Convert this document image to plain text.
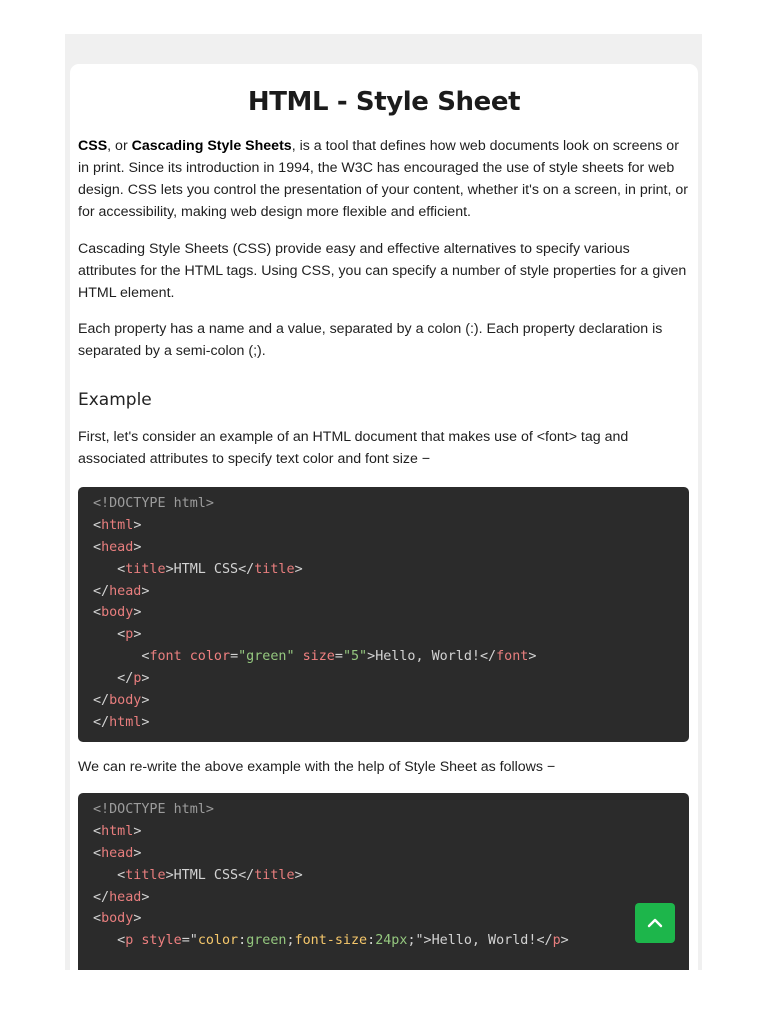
HTML - Style Sheet

CSS, or Cascading Style Sheets, is a tool that defines how web documents look on screens or in print. Since its introduction in 1994, the W3C has encouraged the use of style sheets for web design. CSS lets you control the presentation of your content, whether it's on a screen, in print, or for accessibility, making web design more flexible and efficient.

Cascading Style Sheets (CSS) provide easy and effective alternatives to specify various attributes for the HTML tags. Using CSS, you can specify a number of style properties for a given HTML element.

Each property has a name and a value, separated by a colon (:). Each property declaration is separated by a semi-colon (;).

Example

First, let's consider an example of an HTML document that makes use of <font> tag and associated attributes to specify text color and font size −

<!DOCTYPE html>
<html>
<head>
<title>HTML CSS</title>
</head>
<body>
<p>
<font color="green" size="5">Hello, World!</font>
</p>
</body>
</html>

We can re-write the above example with the help of Style Sheet as follows −

<!DOCTYPE html>
<html>
<head>
<title>HTML CSS</title>
</head>
<body>
<p style="color:green;font-size:24px;">Hello, World!</p>
